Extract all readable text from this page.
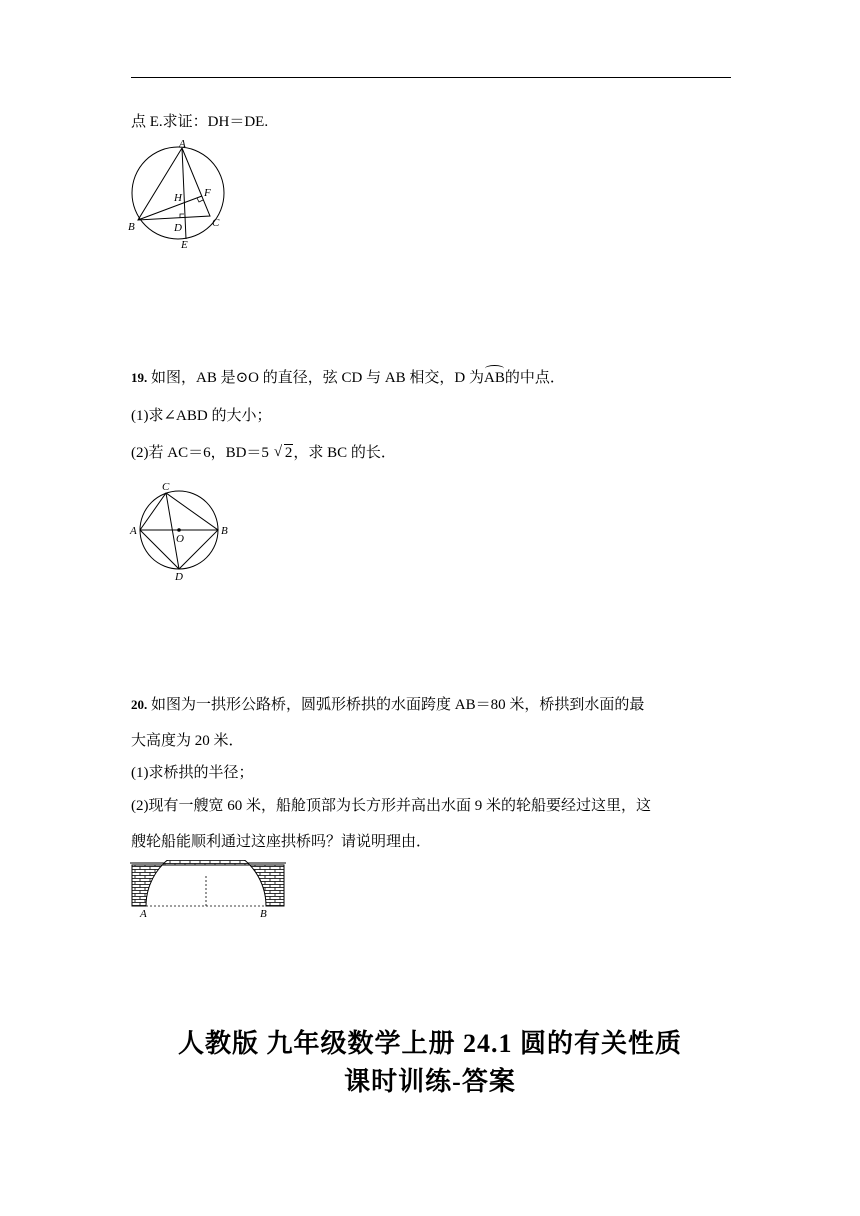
点 E.求证：DH＝DE.
A
B	C
D
E
F
H
19. 如图，AB 是⊙O 的直径，弦 CD 与 AB 相交，D 为AB的中点．
(1)求∠ABD 的大小；
(2)若 AC＝6，BD＝5 √ 2，求 BC 的长．
C
A	B
O
D
20. 如图为一拱形公路桥，圆弧形桥拱的水面跨度 AB＝80 米，桥拱到水面的最
大高度为 20 米．
(1)求桥拱的半径；
(2)现有一艘宽 60 米，船舱顶部为长方形并高出水面 9 米的轮船要经过这里，这
艘轮船能顺利通过这座拱桥吗？请说明理由．
A	B
人教版 九年级数学上册 24.1 圆的有关性质
课时训练-答案
